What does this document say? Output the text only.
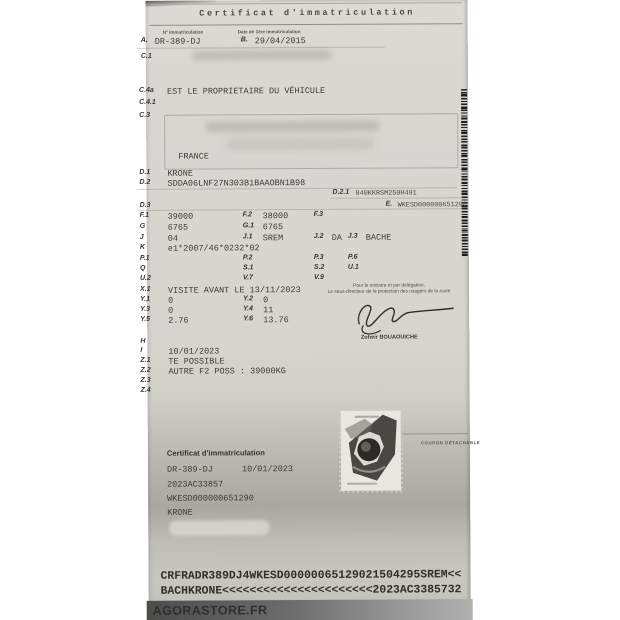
Certificat d'immatriculation
N° Immatriculation
A. DR-389-DJ
Date de 1ère immatriculation
B. 29/04/2015
C.1
C.4a EST LE PROPRIETAIRE DU VÉHICULE
C.4.1
C.3
FRANCE
D.1 KRONE
D.2 SDDA06LNF27N303B1BAAOBN1B98
D.2.1 040KKRSM250H491
D.3	E. WKESD000000651290
F.1 39000	F.2 38000	F.3
G	6765	G.1 6765
J	04	J.1 SREM	J.2 DA J.3 BACHE
K	e1*2007/46*0232*02
P.1	P.2	P.3	P.6
Q	S.1	S.2	U.1
U.2	V.7	V.9
X.1 VISITE AVANT LE 13/11/2023
Y.1 0	Y.2 0
Y.3 0	Y.4 11
Y.5 2.76	Y.6 13.76
Pour le ministre et par délégation,
Le sous-directeur de la protection des usagers de la route
Zoheir BOUAOUICHE
H
I	10/01/2023
Z.1 TE POSSIBLE
Z.2 AUTRE F2 POSS : 39000KG
Z.3
Z.4
COUPON DÉTACHABLE
0
Certificat d'immatriculation
DR-389-DJ	10/01/2023
2023AC33857
WKESD000000651290
KRONE
CRFRADR389DJ4WKESD00000065129021504295SREM<<
BACHKRONE<<<<<<<<<<<<<<<<<<<<<<2023AC3385732
AGORASTORE.FR
